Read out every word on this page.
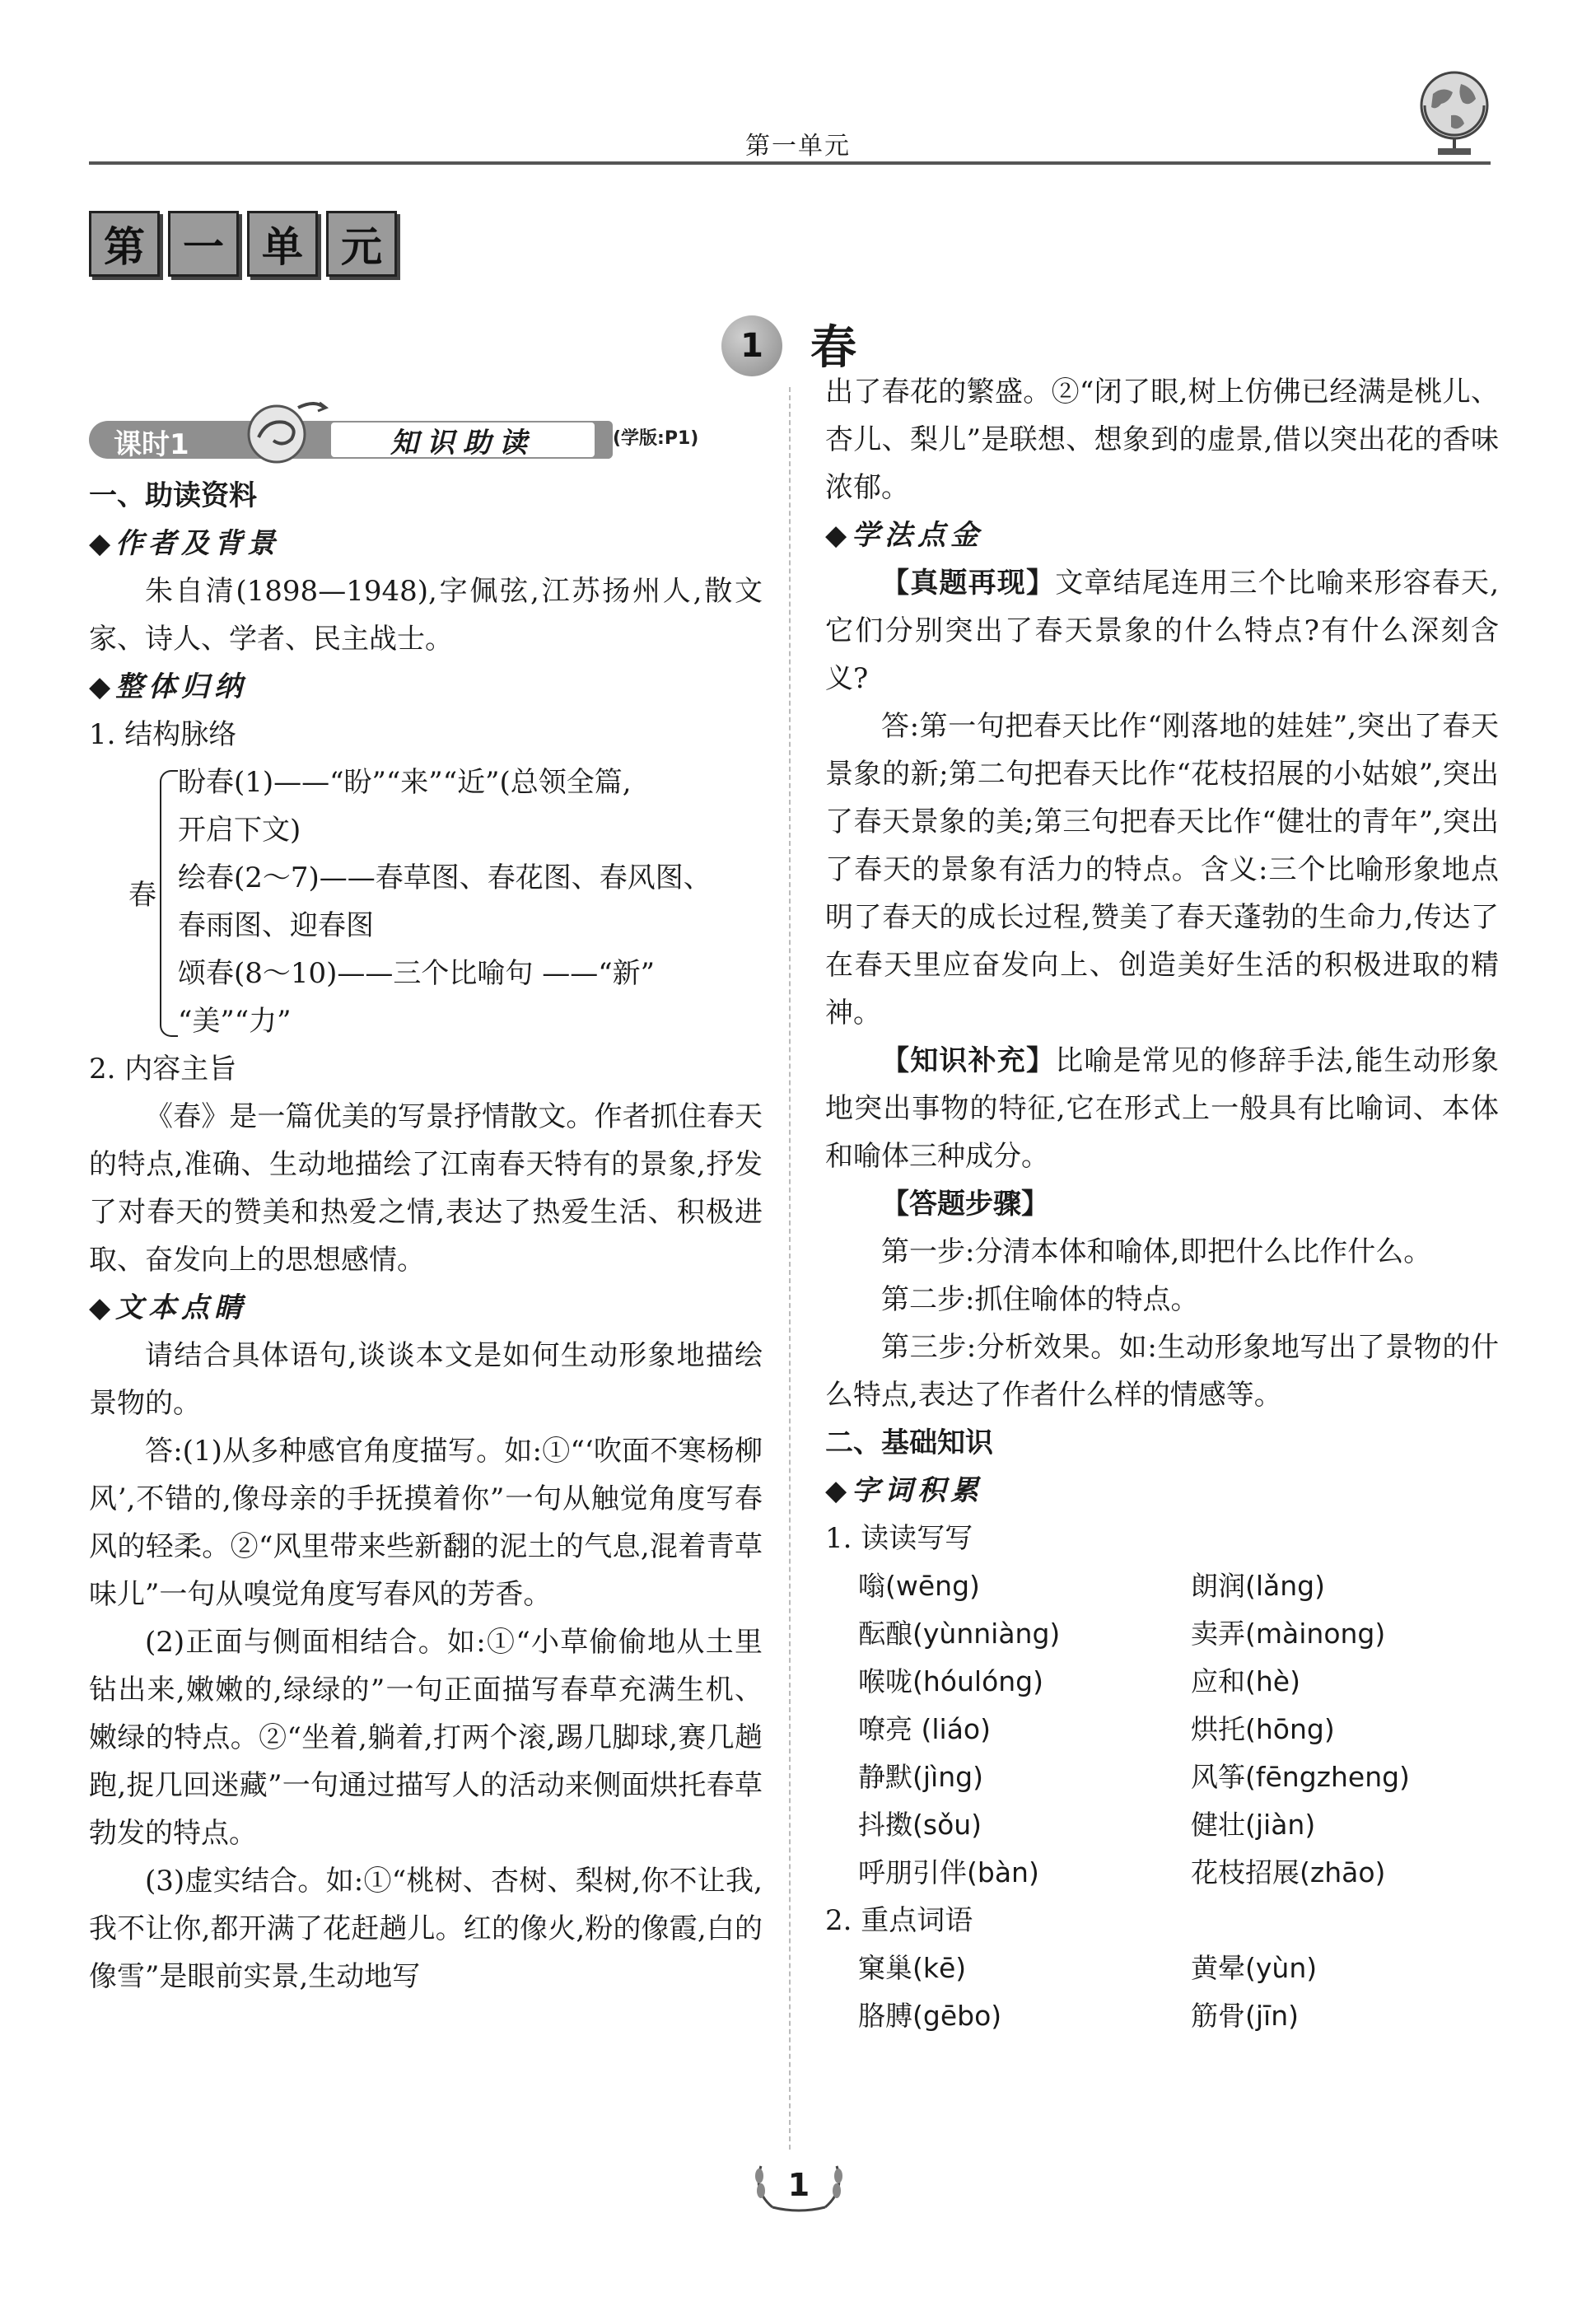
第一单元
第 一 单 元
1	春
课时1	知识助读	(学版:P1)

一、助读资料

◆作者及背景

朱自清(1898—1948),字佩弦,江苏扬州人,散文家、诗人、学者、民主战士。

◆整体归纳

1. 结构脉络

春
盼春(1)——“盼”“来”“近”(总领全篇,
开启下文)
绘春(2～7)——春草图、春花图、春风图、
春雨图、迎春图
颂春(8～10)——三个比喻句 ——“新”
“美”“力”

2. 内容主旨

《春》是一篇优美的写景抒情散文。作者抓住春天的特点,准确、生动地描绘了江南春天特有的景象,抒发了对春天的赞美和热爱之情,表达了热爱生活、积极进取、奋发向上的思想感情。

◆文本点睛

请结合具体语句,谈谈本文是如何生动形象地描绘景物的。

答:(1)从多种感官角度描写。如:①“‘吹面不寒杨柳风’,不错的,像母亲的手抚摸着你”一句从触觉角度写春风的轻柔。②“风里带来些新翻的泥土的气息,混着青草味儿”一句从嗅觉角度写春风的芳香。

(2)正面与侧面相结合。如:①“小草偷偷地从土里钻出来,嫩嫩的,绿绿的”一句正面描写春草充满生机、嫩绿的特点。②“坐着,躺着,打两个滚,踢几脚球,赛几趟跑,捉几回迷藏”一句通过描写人的活动来侧面烘托春草勃发的特点。

(3)虚实结合。如:①“桃树、杏树、梨树,你不让我,我不让你,都开满了花赶趟儿。红的像火,粉的像霞,白的像雪”是眼前实景,生动地写

出了春花的繁盛。②“闭了眼,树上仿佛已经满是桃儿、杏儿、梨儿”是联想、想象到的虚景,借以突出花的香味浓郁。

◆学法点金

【真题再现】文章结尾连用三个比喻来形容春天,它们分别突出了春天景象的什么特点?有什么深刻含义?

答:第一句把春天比作“刚落地的娃娃”,突出了春天景象的新;第二句把春天比作“花枝招展的小姑娘”,突出了春天景象的美;第三句把春天比作“健壮的青年”,突出了春天的景象有活力的特点。含义:三个比喻形象地点明了春天的成长过程,赞美了春天蓬勃的生命力,传达了在春天里应奋发向上、创造美好生活的积极进取的精神。

【知识补充】比喻是常见的修辞手法,能生动形象地突出事物的特征,它在形式上一般具有比喻词、本体和喻体三种成分。

【答题步骤】

第一步:分清本体和喻体,即把什么比作什么。

第二步:抓住喻体的特点。

第三步:分析效果。如:生动形象地写出了景物的什么特点,表达了作者什么样的情感等。

二、基础知识

◆字词积累

1. 读读写写

嗡(wēng)	朗润(lǎng)
酝酿(yùnniàng)	卖弄(màinong)
喉咙(hóulóng)	应和(hè)
嘹亮 (liáo)	烘托(hōng)
静默(jìng)	风筝(fēngzheng)
抖擞(sǒu)	健壮(jiàn)
呼朋引伴(bàn)	花枝招展(zhāo)

2. 重点词语

窠巢(kē)	黄晕(yùn)
胳膊(gēbo)	筋骨(jīn)
1
